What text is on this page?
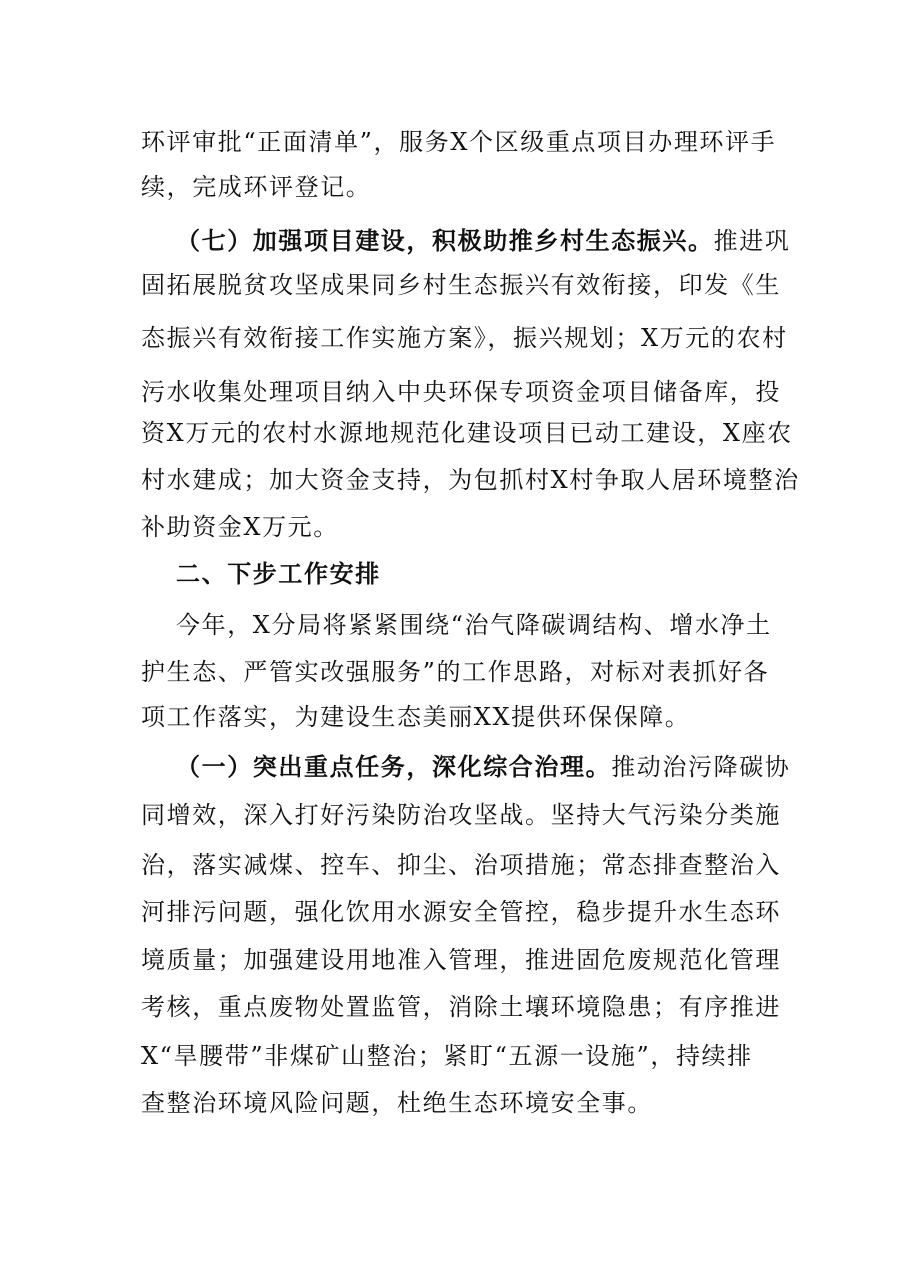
环评审批“正面清单”，服务X个区级重点项目办理环评手
续，完成环评登记。
（七）加强项目建设，积极助推乡村生态振兴。推进巩
固拓展脱贫攻坚成果同乡村生态振兴有效衔接，印发《生
态振兴有效衔接工作实施方案》，振兴规划；X万元的农村
污水收集处理项目纳入中央环保专项资金项目储备库，投
资X万元的农村水源地规范化建设项目已动工建设，X座农
村水建成；加大资金支持，为包抓村X村争取人居环境整治
补助资金X万元。
二、下步工作安排
今年，X分局将紧紧围绕“治气降碳调结构、增水净土
护生态、严管实改强服务”的工作思路，对标对表抓好各
项工作落实，为建设生态美丽XX提供环保保障。
（一）突出重点任务，深化综合治理。推动治污降碳协
同增效，深入打好污染防治攻坚战。坚持大气污染分类施
治，落实减煤、控车、抑尘、治项措施；常态排查整治入
河排污问题，强化饮用水源安全管控，稳步提升水生态环
境质量；加强建设用地准入管理，推进固危废规范化管理
考核，重点废物处置监管，消除土壤环境隐患；有序推进
X“旱腰带”非煤矿山整治；紧盯“五源一设施”，持续排
查整治环境风险问题，杜绝生态环境安全事。
